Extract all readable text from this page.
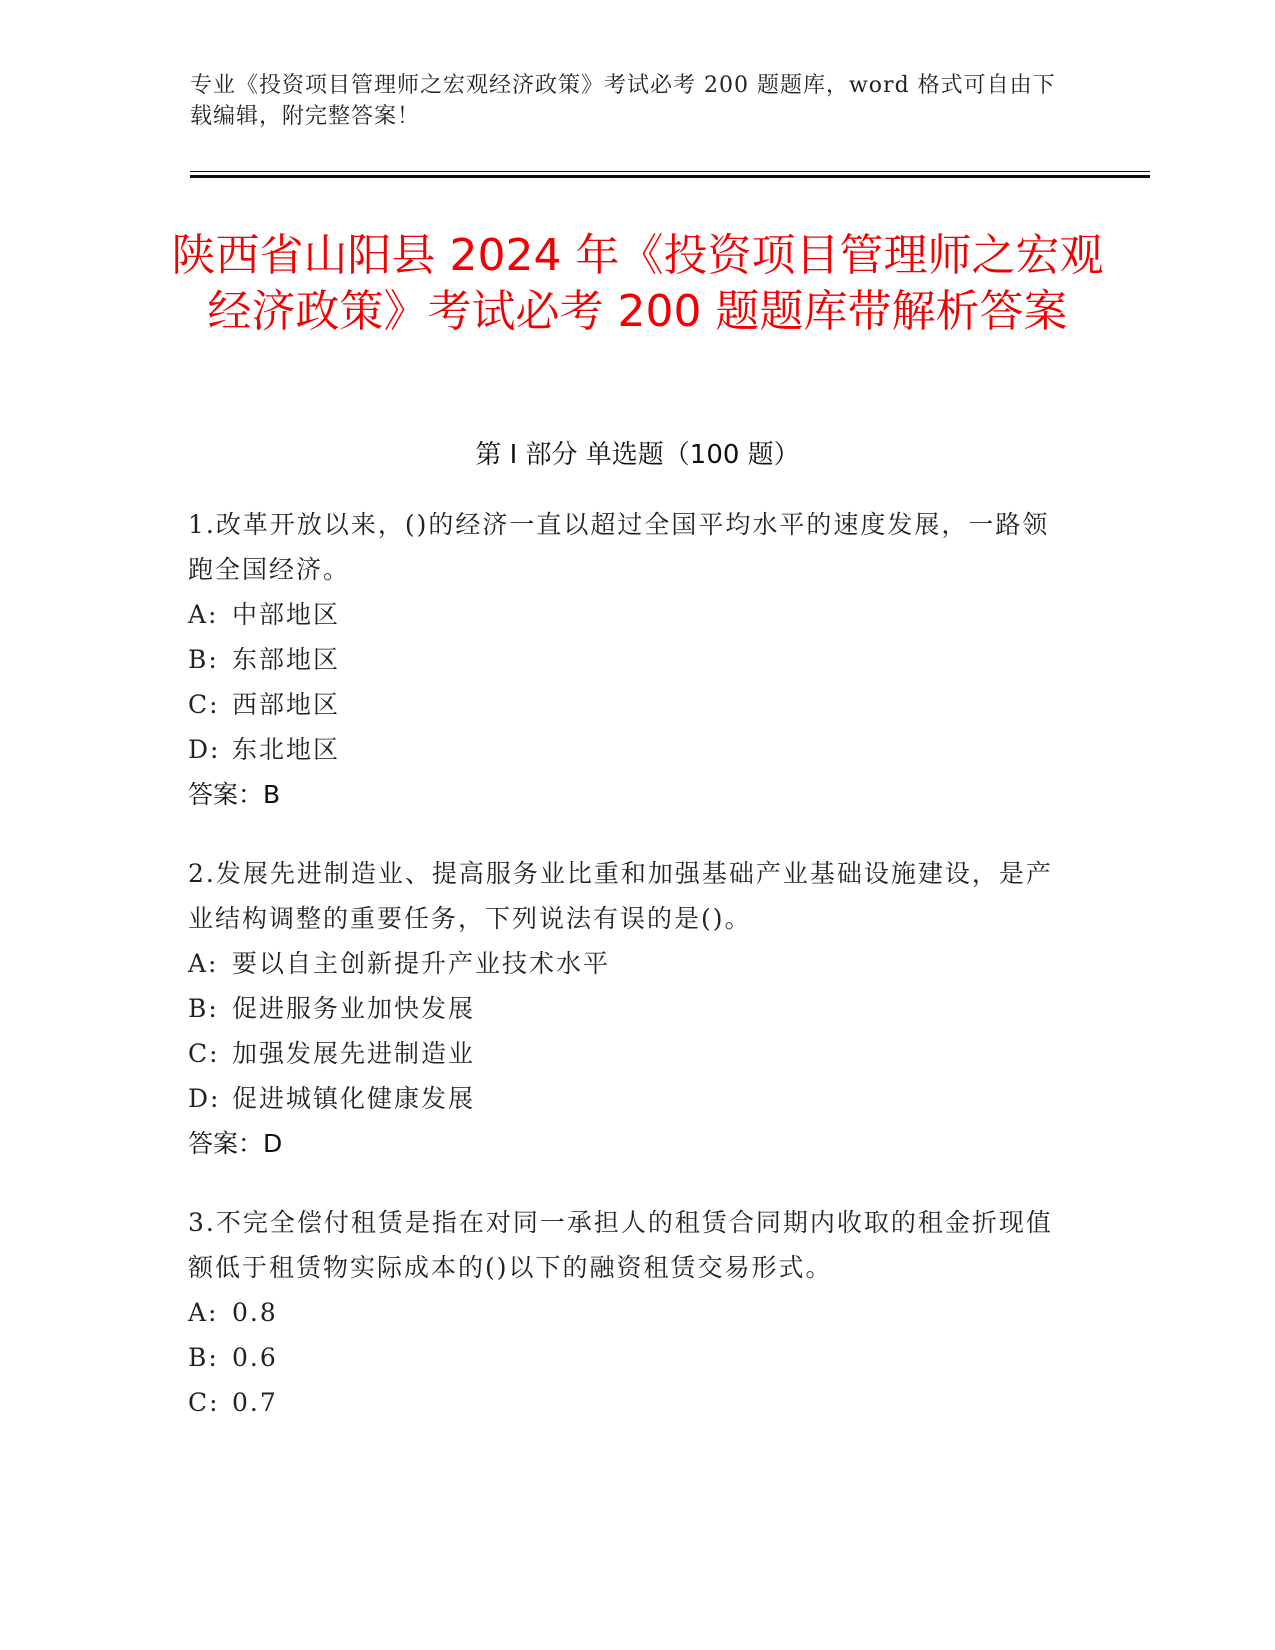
专业《投资项目管理师之宏观经济政策》考试必考 200 题题库，word 格式可自由下载编辑，附完整答案！
陕西省山阳县 2024 年《投资项目管理师之宏观经济政策》考试必考 200 题题库带解析答案
第 I 部分 单选题（100 题）
1.改革开放以来，()的经济一直以超过全国平均水平的速度发展，一路领跑全国经济。
A: 中部地区
B: 东部地区
C: 西部地区
D: 东北地区
答案：B
2.发展先进制造业、提高服务业比重和加强基础产业基础设施建设，是产业结构调整的重要任务，下列说法有误的是()。
A: 要以自主创新提升产业技术水平
B: 促进服务业加快发展
C: 加强发展先进制造业
D: 促进城镇化健康发展
答案：D
3.不完全偿付租赁是指在对同一承担人的租赁合同期内收取的租金折现值额低于租赁物实际成本的()以下的融资租赁交易形式。
A: 0.8
B: 0.6
C: 0.7
